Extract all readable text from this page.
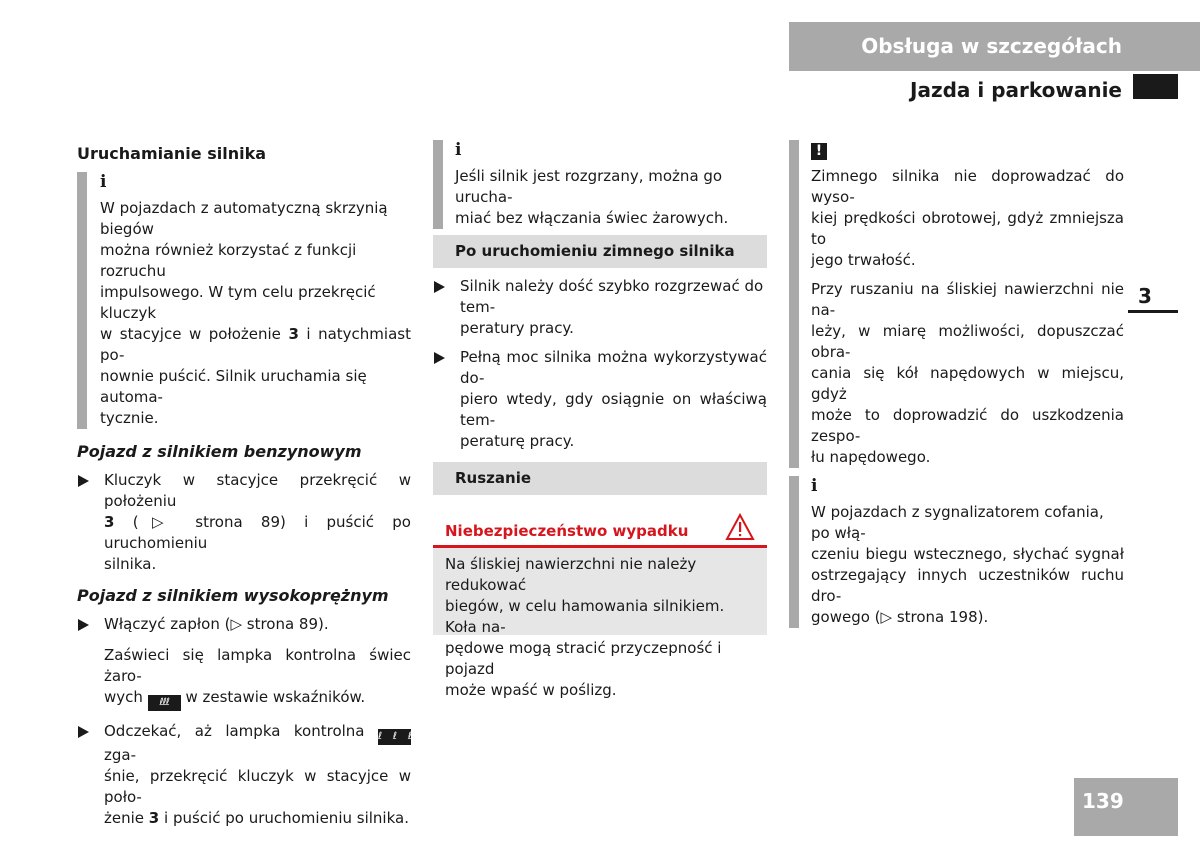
Obsługa w szczegółach
Jazda i parkowanie
3
139
Uruchamianie silnika
i

W pojazdach z automatyczną skrzynią biegów

można również korzystać z funkcji rozruchu

impulsowego. W tym celu przekręcić kluczyk

w stacyjce w położenie 3 i natychmiast po-

nownie puścić. Silnik uruchamia się automa-

tycznie.

Pojazd z silnikiem benzynowym

Kluczyk w stacyjce przekręcić w położeniu

3 (▷ strona 89) i puścić po uruchomieniu

silnika.

Pojazd z silnikiem wysokoprężnym

Włączyć zapłon (▷ strona 89).

Zaświeci się lampka kontrolna świec żaro-

wych ℓℓℓ w zestawie wskaźników.

Odczekać, aż lampka kontrolna ℓℓℓ zga-

śnie, przekręcić kluczyk w stacyjce w poło-

żenie 3 i puścić po uruchomieniu silnika.

i

Jeśli silnik jest rozgrzany, można go urucha-

miać bez włączania świec żarowych.

Po uruchomieniu zimnego silnika

Silnik należy dość szybko rozgrzewać do tem-

peratury pracy.

Pełną moc silnika można wykorzystywać do-

piero wtedy, gdy osiągnie on właściwą tem-

peraturę pracy.

Ruszanie
Niebezpieczeństwo wypadku

Na śliskiej nawierzchni nie należy redukować

biegów, w celu hamowania silnikiem. Koła na-

pędowe mogą stracić przyczepność i pojazd

może wpaść w poślizg.

!

Zimnego silnika nie doprowadzać do wyso-

kiej prędkości obrotowej, gdyż zmniejsza to

jego trwałość.

Przy ruszaniu na śliskiej nawierzchni nie na-

leży, w miarę możliwości, dopuszczać obra-

cania się kół napędowych w miejscu, gdyż

może to doprowadzić do uszkodzenia zespo-

łu napędowego.

i

W pojazdach z sygnalizatorem cofania, po włą-

czeniu biegu wstecznego, słychać sygnał

ostrzegający innych uczestników ruchu dro-

gowego (▷ strona 198).
